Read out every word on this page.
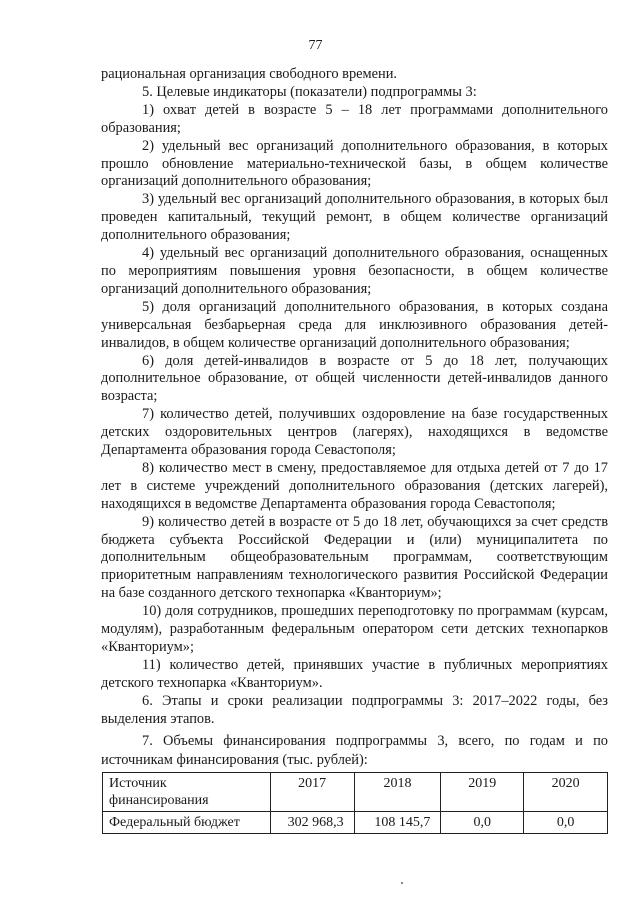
77

рациональная организация свободного времени.

5. Целевые индикаторы (показатели) подпрограммы 3:

1) охват детей в возрасте 5 – 18 лет программами дополнительного образования;

2) удельный вес организаций дополнительного образования, в которых прошло обновление материально-технической базы, в общем количестве организаций дополнительного образования;

3) удельный вес организаций дополнительного образования, в которых был проведен капитальный, текущий ремонт, в общем количестве организаций дополнительного образования;

4) удельный вес организаций дополнительного образования, оснащенных по мероприятиям повышения уровня безопасности, в общем количестве организаций дополнительного образования;

5) доля организаций дополнительного образования, в которых создана универсальная безбарьерная среда для инклюзивного образования детей-инвалидов, в общем количестве организаций дополнительного образования;

6) доля детей-инвалидов в возрасте от 5 до 18 лет, получающих дополнительное образование, от общей численности детей-инвалидов данного возраста;

7) количество детей, получивших оздоровление на базе государственных детских оздоровительных центров (лагерях), находящихся в ведомстве Департамента образования города Севастополя;

8) количество мест в смену, предоставляемое для отдыха детей от 7 до 17 лет в системе учреждений дополнительного образования (детских лагерей), находящихся в ведомстве Департамента образования города Севастополя;

9) количество детей в возрасте от 5 до 18 лет, обучающихся за счет средств бюджета субъекта Российской Федерации и (или) муниципалитета по дополнительным общеобразовательным программам, соответствующим приоритетным направлениям технологического развития Российской Федерации на базе созданного детского технопарка «Кванториум»;

10) доля сотрудников, прошедших переподготовку по программам (курсам, модулям), разработанным федеральным оператором сети детских технопарков «Кванториум»;

11) количество детей, принявших участие в публичных мероприятиях детского технопарка «Кванториум».

6. Этапы и сроки реализации подпрограммы 3: 2017–2022 годы, без выделения этапов.

7. Объемы финансирования подпрограммы 3, всего, по годам и по источникам финансирования (тыс. рублей):

Источник финансирования	2017	2018	2019	2020
Федеральный бюджет	302 968,3	108 145,7	0,0	0,0
